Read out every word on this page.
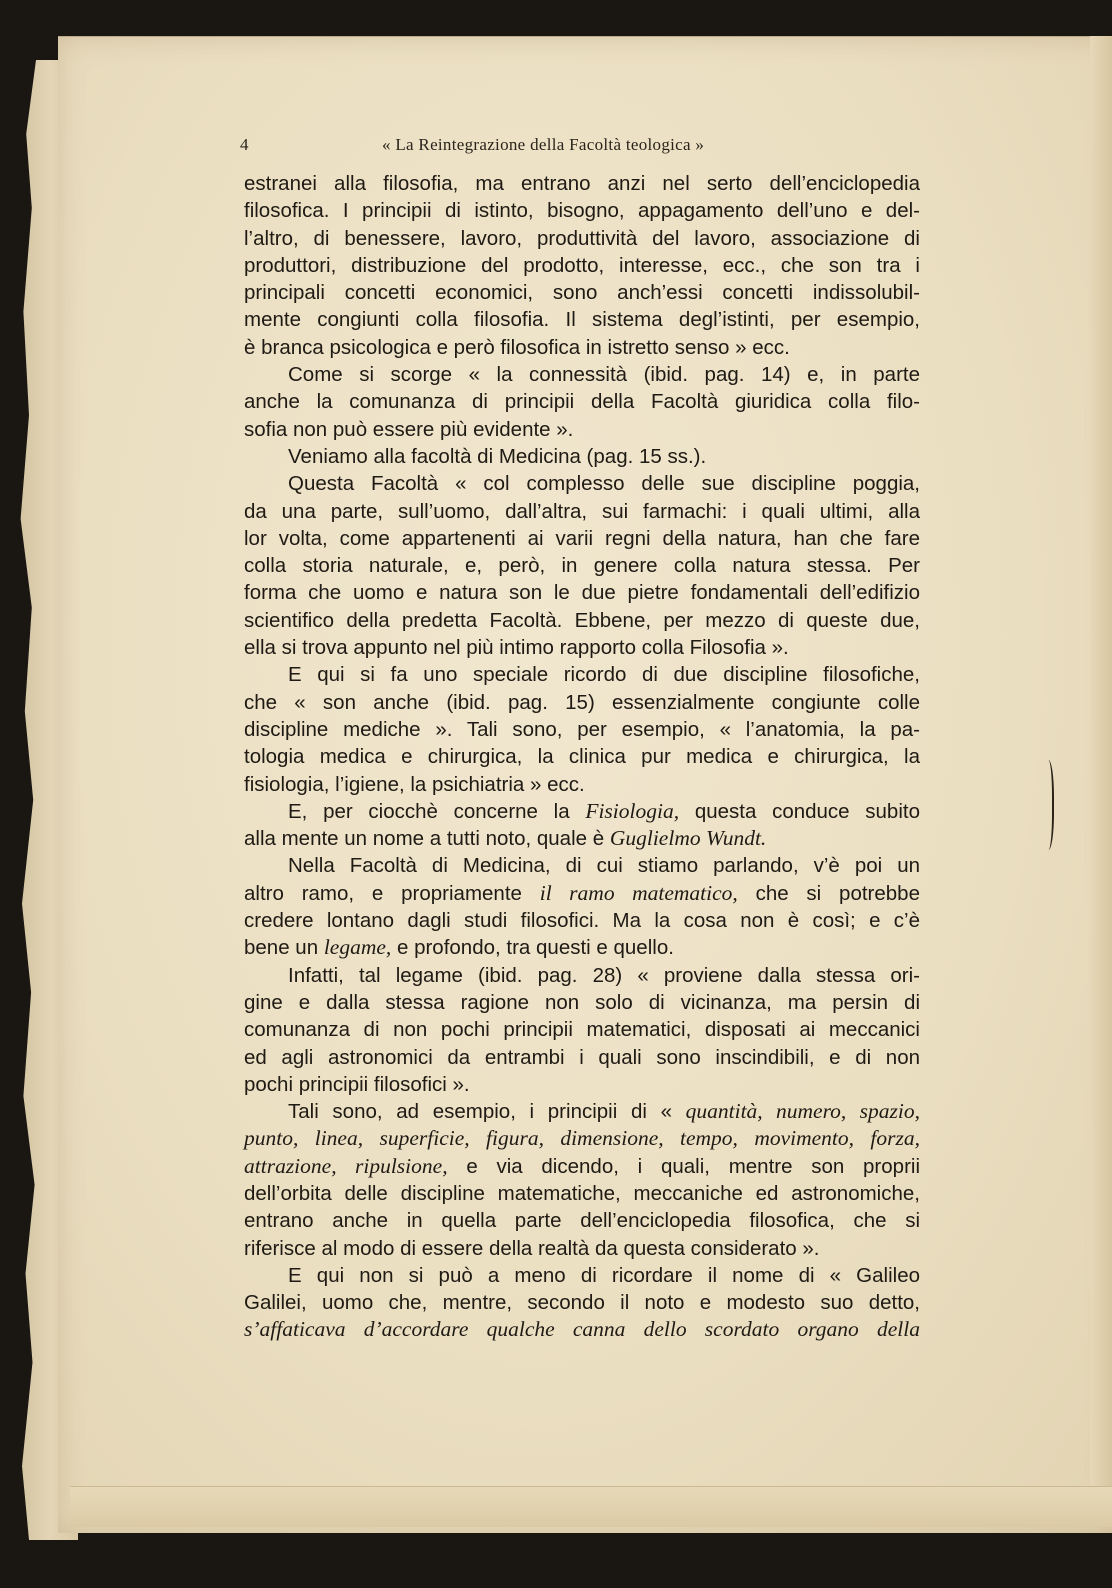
4	« La Reintegrazione della Facoltà teologica »
estranei alla filosofia, ma entrano anzi nel serto dell’enciclopedia
filosofica. I principii di istinto, bisogno, appagamento dell’uno e del-
l’altro, di benessere, lavoro, produttività del lavoro, associazione di
produttori, distribuzione del prodotto, interesse, ecc., che son tra i
principali concetti economici, sono anch’essi concetti indissolubil-
mente congiunti colla filosofia. Il sistema degl’istinti, per esempio,
è branca psicologica e però filosofica in istretto senso » ecc.
Come si scorge « la connessità (ibid. pag. 14) e, in parte
anche la comunanza di principii della Facoltà giuridica colla filo-
sofia non può essere più evidente ».
Veniamo alla facoltà di Medicina (pag. 15 ss.).
Questa Facoltà « col complesso delle sue discipline poggia,
da una parte, sull’uomo, dall’altra, sui farmachi: i quali ultimi, alla
lor volta, come appartenenti ai varii regni della natura, han che fare
colla storia naturale, e, però, in genere colla natura stessa. Per
forma che uomo e natura son le due pietre fondamentali dell’edifizio
scientifico della predetta Facoltà. Ebbene, per mezzo di queste due,
ella si trova appunto nel più intimo rapporto colla Filosofia ».
E qui si fa uno speciale ricordo di due discipline filosofiche,
che « son anche (ibid. pag. 15) essenzialmente congiunte colle
discipline mediche ». Tali sono, per esempio, « l’anatomia, la pa-
tologia medica e chirurgica, la clinica pur medica e chirurgica, la
fisiologia, l’igiene, la psichiatria » ecc.
E, per ciocchè concerne la Fisiologia, questa conduce subito
alla mente un nome a tutti noto, quale è Guglielmo Wundt.
Nella Facoltà di Medicina, di cui stiamo parlando, v’è poi un
altro ramo, e propriamente il ramo matematico, che si potrebbe
credere lontano dagli studi filosofici. Ma la cosa non è così; e c’è
bene un legame, e profondo, tra questi e quello.
Infatti, tal legame (ibid. pag. 28) « proviene dalla stessa ori-
gine e dalla stessa ragione non solo di vicinanza, ma persin di
comunanza di non pochi principii matematici, disposati ai meccanici
ed agli astronomici da entrambi i quali sono inscindibili, e di non
pochi principii filosofici ».
Tali sono, ad esempio, i principii di « quantità, numero, spazio,
punto, linea, superficie, figura, dimensione, tempo, movimento, forza,
attrazione, ripulsione, e via dicendo, i quali, mentre son proprii
dell’orbita delle discipline matematiche, meccaniche ed astronomiche,
entrano anche in quella parte dell’enciclopedia filosofica, che si
riferisce al modo di essere della realtà da questa considerato ».
E qui non si può a meno di ricordare il nome di « Galileo
Galilei, uomo che, mentre, secondo il noto e modesto suo detto,
s’affaticava d’accordare qualche canna dello scordato organo della
